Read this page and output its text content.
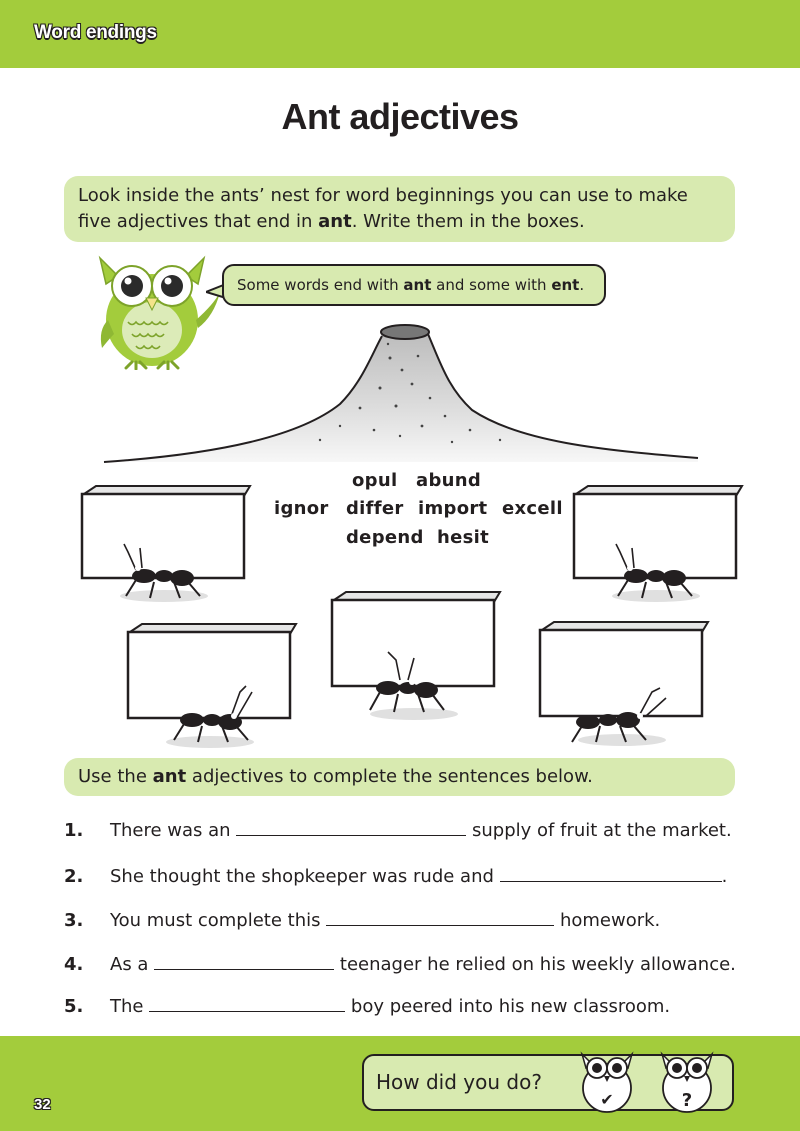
Word endings
Ant adjectives
Look inside the ants’ nest for word beginnings you can use to make five adjectives that end in ant. Write them in the boxes.
Some words end with ant and some with ent.
opul abund
ignor differ import excell
depend hesit
Use the ant adjectives to complete the sentences below.
1. There was an	supply of fruit at the market.
2. She thought the shopkeeper was rude and	.
3. You must complete this	homework.
4. As a	teenager he relied on his weekly allowance.
5. The	boy peered into his new classroom.
32
How did you do?
✔	?
